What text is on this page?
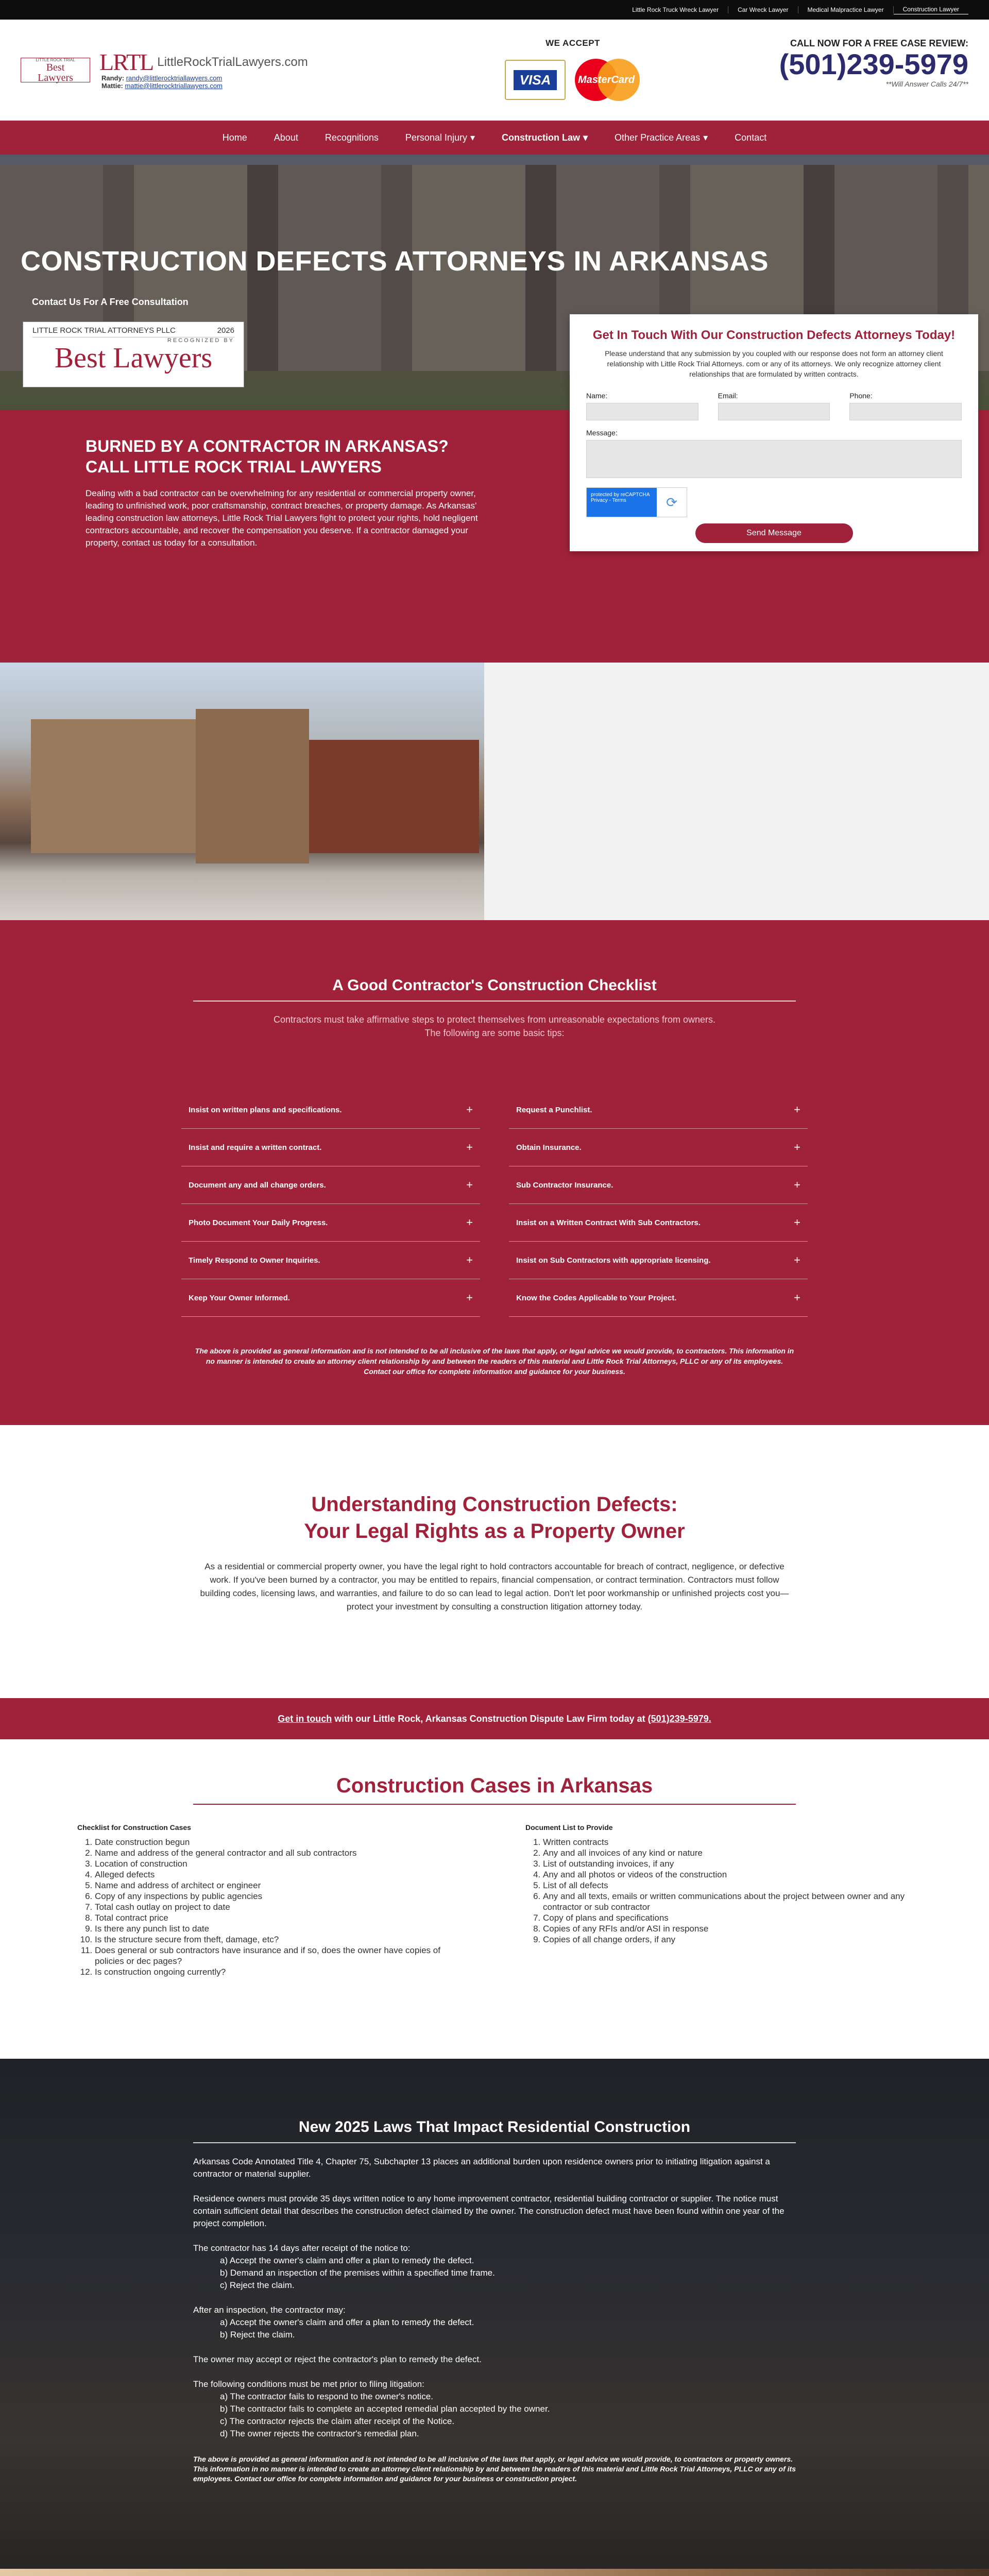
Little Rock Truck Wreck Lawyer	Car Wreck Lawyer	Medical Malpractice Lawyer	Construction Lawyer
LITTLE ROCK TRIAL
Best
Lawyers
LRTL LittleRockTrialLawyers.com
Randy: randy@littlerocktriallawyers.com
Mattie: mattie@littlerocktriallawyers.com
WE ACCEPT
VISA	MasterCard
CALL NOW FOR A FREE CASE REVIEW:
(501)239-5979
**Will Answer Calls 24/7**
Home	About	Recognitions	Personal Injury ▾	Construction Law ▾	Other Practice Areas ▾	Contact
CONSTRUCTION DEFECTS ATTORNEYS IN ARKANSAS
Contact Us For A Free Consultation
LITTLE ROCK TRIAL ATTORNEYS PLLC	2026
RECOGNIZED BY
Best Lawyers
BURNED BY A CONTRACTOR IN ARKANSAS?
CALL LITTLE ROCK TRIAL LAWYERS

Dealing with a bad contractor can be overwhelming for any residential or commercial property owner, leading to unfinished work, poor craftsmanship, contract breaches, or property damage. As Arkansas' leading construction law attorneys, Little Rock Trial Lawyers fight to protect your rights, hold negligent contractors accountable, and recover the compensation you deserve. If a contractor damaged your property, contact us today for a consultation.

Get In Touch With Our Construction Defects Attorneys Today!
Please understand that any submission by you coupled with our response does not form an attorney client relationship with Little Rock Trial Attorneys. com or any of its attorneys. We only recognize attorney client relationships that are formulated by written contracts.
Name:	Email:	Phone:
Message:
protected by reCAPTCHA
Privacy - Terms	⟳
Send Message
A Good Contractor's Construction Checklist
Contractors must take affirmative steps to protect themselves from unreasonable expectations from owners.
The following are some basic tips:
Insist on written plans and specifications.	+
Insist and require a written contract.	+
Document any and all change orders.	+
Photo Document Your Daily Progress.	+
Timely Respond to Owner Inquiries.	+
Keep Your Owner Informed.	+
Request a Punchlist.	+
Obtain Insurance.	+
Sub Contractor Insurance.	+
Insist on a Written Contract With Sub Contractors.	+
Insist on Sub Contractors with appropriate licensing.	+
Know the Codes Applicable to Your Project.	+
The above is provided as general information and is not intended to be all inclusive of the laws that apply, or legal advice we would provide, to contractors. This information in no manner is intended to create an attorney client relationship by and between the readers of this material and Little Rock Trial Attorneys, PLLC or any of its employees. Contact our office for complete information and guidance for your business.
Understanding Construction Defects:
Your Legal Rights as a Property Owner

As a residential or commercial property owner, you have the legal right to hold contractors accountable for breach of contract, negligence, or defective work. If you've been burned by a contractor, you may be entitled to repairs, financial compensation, or contract termination. Contractors must follow building codes, licensing laws, and warranties, and failure to do so can lead to legal action. Don't let poor workmanship or unfinished projects cost you—protect your investment by consulting a construction litigation attorney today.

Get in touch with our Little Rock, Arkansas Construction Dispute Law Firm today at (501)239-5979.
Construction Cases in Arkansas
Checklist for Construction Cases
1. Date construction begun
2. Name and address of the general contractor and all sub contractors
3. Location of construction
4. Alleged defects
5. Name and address of architect or engineer
6. Copy of any inspections by public agencies
7. Total cash outlay on project to date
8. Total contract price
9. Is there any punch list to date
10. Is the structure secure from theft, damage, etc?
11. Does general or sub contractors have insurance and if so, does the owner have copies of policies or dec pages?
12. Is construction ongoing currently?
Document List to Provide
1. Written contracts
2. Any and all invoices of any kind or nature
3. List of outstanding invoices, if any
4. Any and all photos or videos of the construction
5. List of all defects
6. Any and all texts, emails or written communications about the project between owner and any contractor or sub contractor
7. Copy of plans and specifications
8. Copies of any RFIs and/or ASI in response
9. Copies of all change orders, if any
New 2025 Laws That Impact Residential Construction

Arkansas Code Annotated Title 4, Chapter 75, Subchapter 13 places an additional burden upon residence owners prior to initiating litigation against a contractor or material supplier.

Residence owners must provide 35 days written notice to any home improvement contractor, residential building contractor or supplier. The notice must contain sufficient detail that describes the construction defect claimed by the owner. The construction defect must have been found within one year of the project completion.

The contractor has 14 days after receipt of the notice to:

a) Accept the owner's claim and offer a plan to remedy the defect.
b) Demand an inspection of the premises within a specified time frame.
c) Reject the claim.

After an inspection, the contractor may:

a) Accept the owner's claim and offer a plan to remedy the defect.
b) Reject the claim.

The owner may accept or reject the contractor's plan to remedy the defect.

The following conditions must be met prior to filing litigation:

a) The contractor fails to respond to the owner's notice.
b) The contractor fails to complete an accepted remedial plan accepted by the owner.
c) The contractor rejects the claim after receipt of the Notice.
d) The owner rejects the contractor's remedial plan.
The above is provided as general information and is not intended to be all inclusive of the laws that apply, or legal advice we would provide, to contractors or property owners. This information in no manner is intended to create an attorney client relationship by and between the readers of this material and Little Rock Trial Attorneys, PLLC or any of its employees. Contact our office for complete information and guidance for your business or construction project.
